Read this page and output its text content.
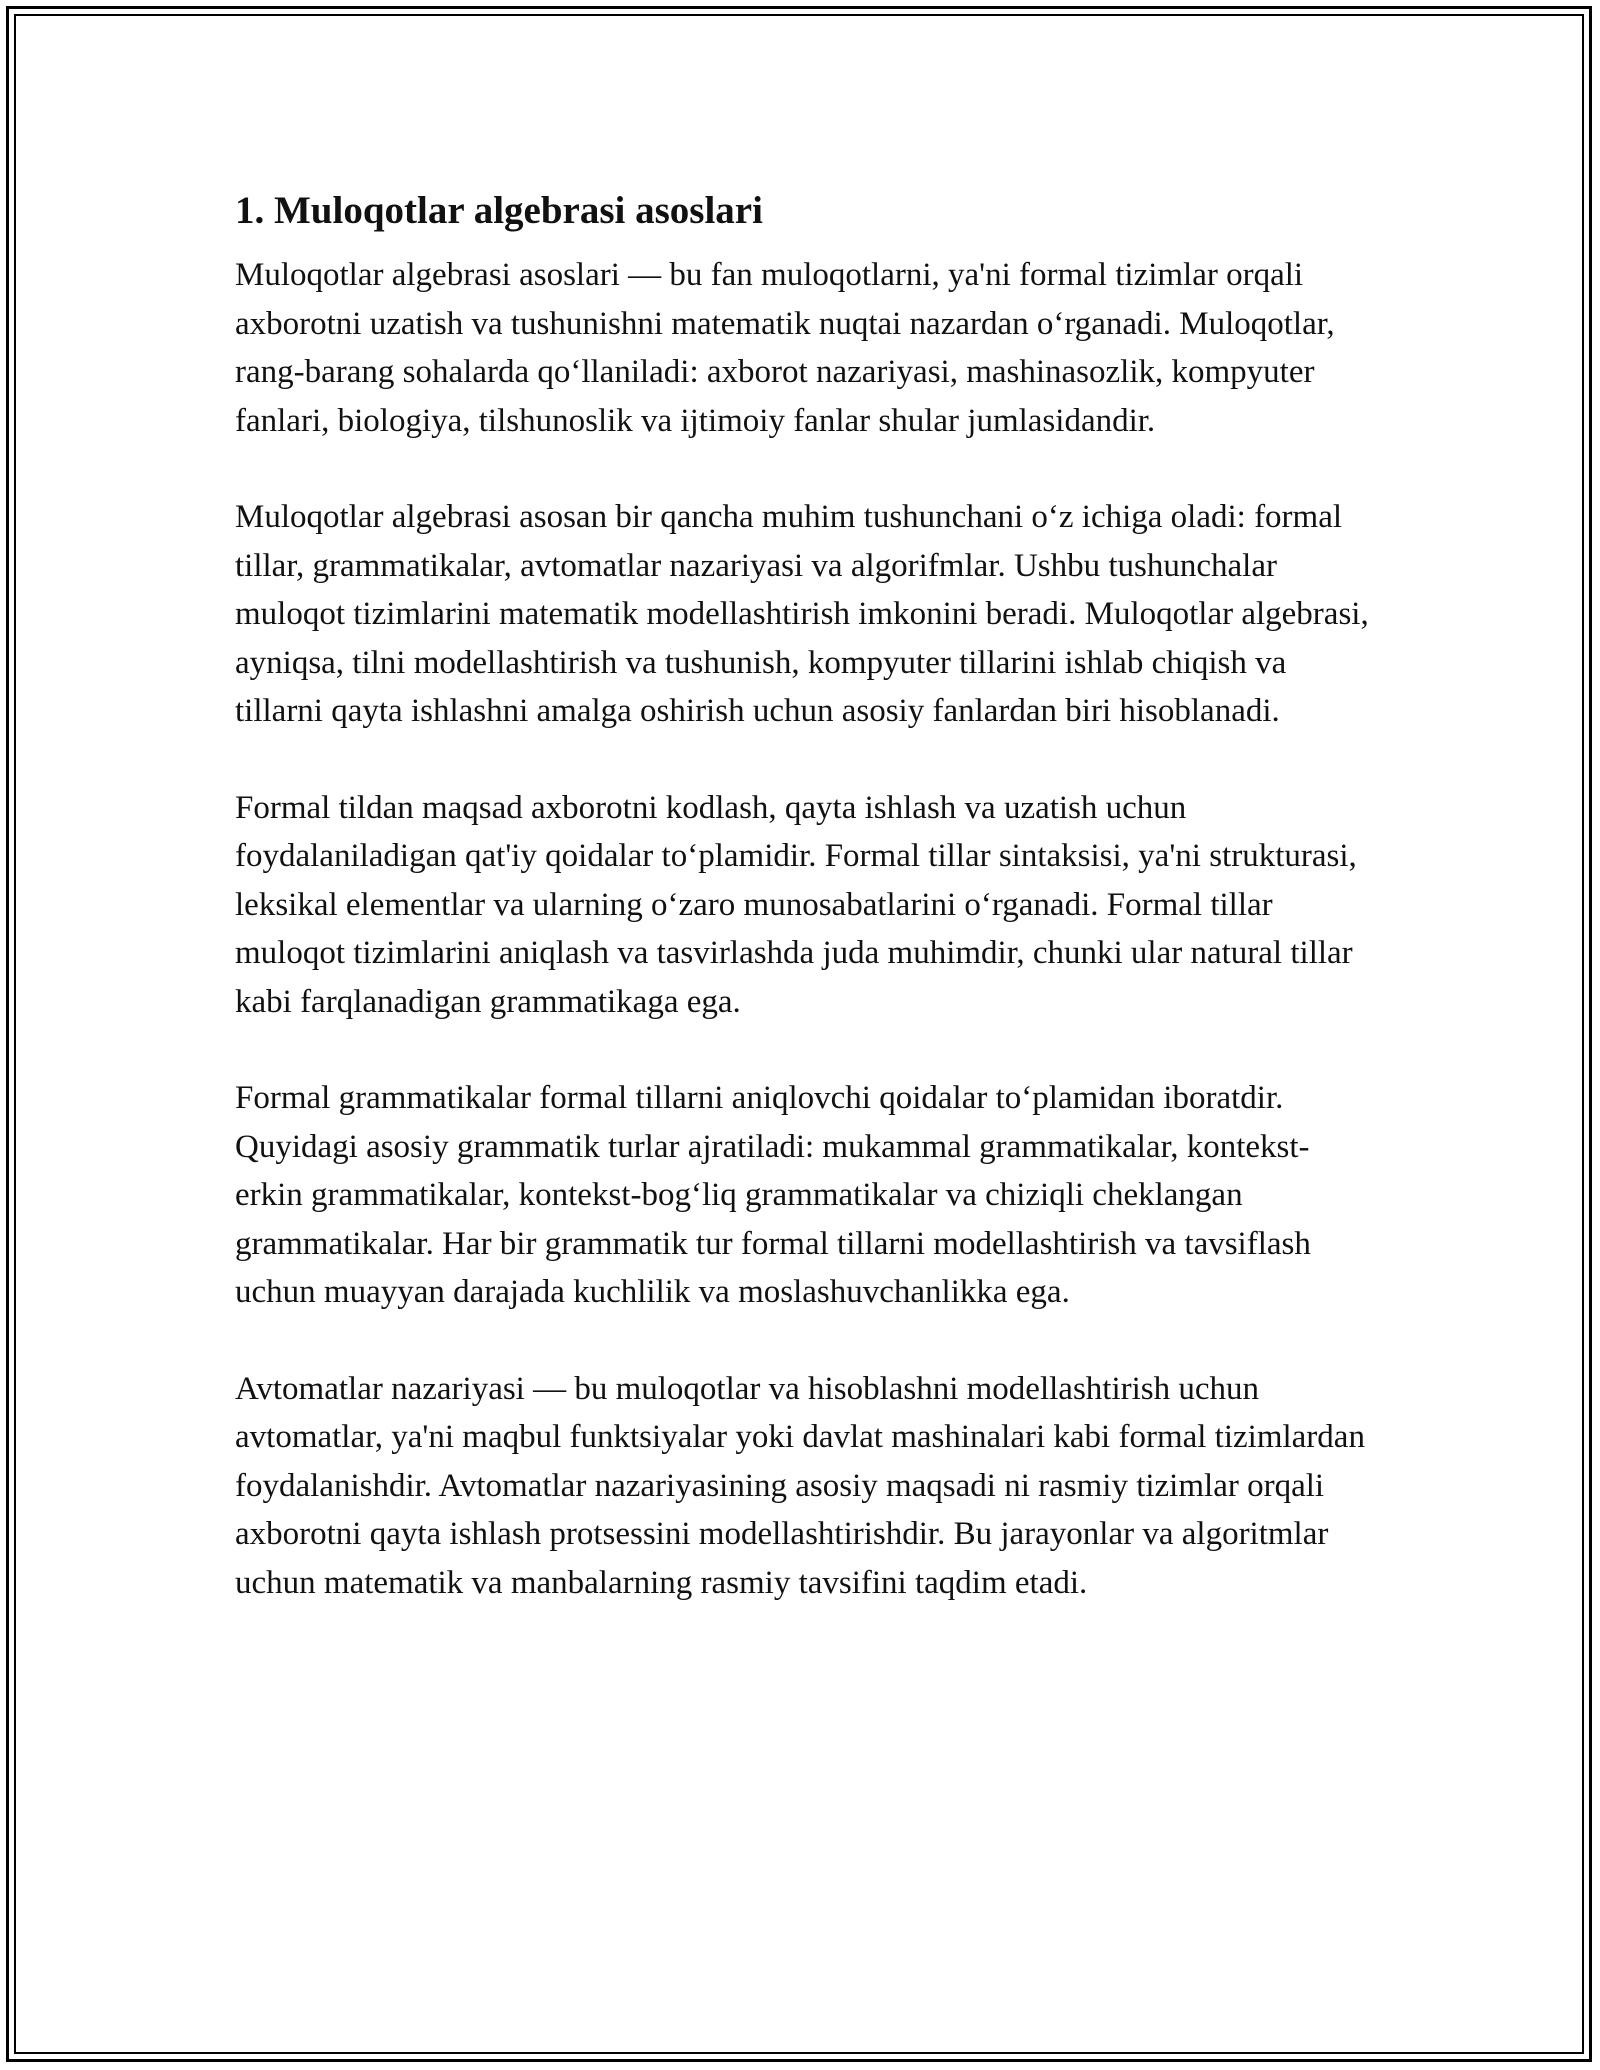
1. Muloqotlar algebrasi asoslari

Muloqotlar algebrasi asoslari — bu fan muloqotlarni, ya'ni formal tizimlar orqali axborotni uzatish va tushunishni matematik nuqtai nazardan o‘rganadi. Muloqotlar, rang-barang sohalarda qo‘llaniladi: axborot nazariyasi, mashinasozlik, kompyuter fanlari, biologiya, tilshunoslik va ijtimoiy fanlar shular jumlasidandir.

Muloqotlar algebrasi asosan bir qancha muhim tushunchani o‘z ichiga oladi: formal tillar, grammatikalar, avtomatlar nazariyasi va algorifmlar. Ushbu tushunchalar muloqot tizimlarini matematik modellashtirish imkonini beradi. Muloqotlar algebrasi, ayniqsa, tilni modellashtirish va tushunish, kompyuter tillarini ishlab chiqish va tillarni qayta ishlashni amalga oshirish uchun asosiy fanlardan biri hisoblanadi.

Formal tildan maqsad axborotni kodlash, qayta ishlash va uzatish uchun foydalaniladigan qat'iy qoidalar to‘plamidir. Formal tillar sintaksisi, ya'ni strukturasi, leksikal elementlar va ularning o‘zaro munosabatlarini o‘rganadi. Formal tillar muloqot tizimlarini aniqlash va tasvirlashda juda muhimdir, chunki ular natural tillar kabi farqlanadigan grammatikaga ega.

Formal grammatikalar formal tillarni aniqlovchi qoidalar to‘plamidan iboratdir. Quyidagi asosiy grammatik turlar ajratiladi: mukammal grammatikalar, kontekst-erkin grammatikalar, kontekst-bog‘liq grammatikalar va chiziqli cheklangan grammatikalar. Har bir grammatik tur formal tillarni modellashtirish va tavsiflash uchun muayyan darajada kuchlilik va moslashuvchanlikka ega.

Avtomatlar nazariyasi — bu muloqotlar va hisoblashni modellashtirish uchun avtomatlar, ya'ni maqbul funktsiyalar yoki davlat mashinalari kabi formal tizimlardan foydalanishdir. Avtomatlar nazariyasining asosiy maqsadi ni rasmiy tizimlar orqali axborotni qayta ishlash protsessini modellashtirishdir. Bu jarayonlar va algoritmlar uchun matematik va manbalarning rasmiy tavsifini taqdim etadi.
